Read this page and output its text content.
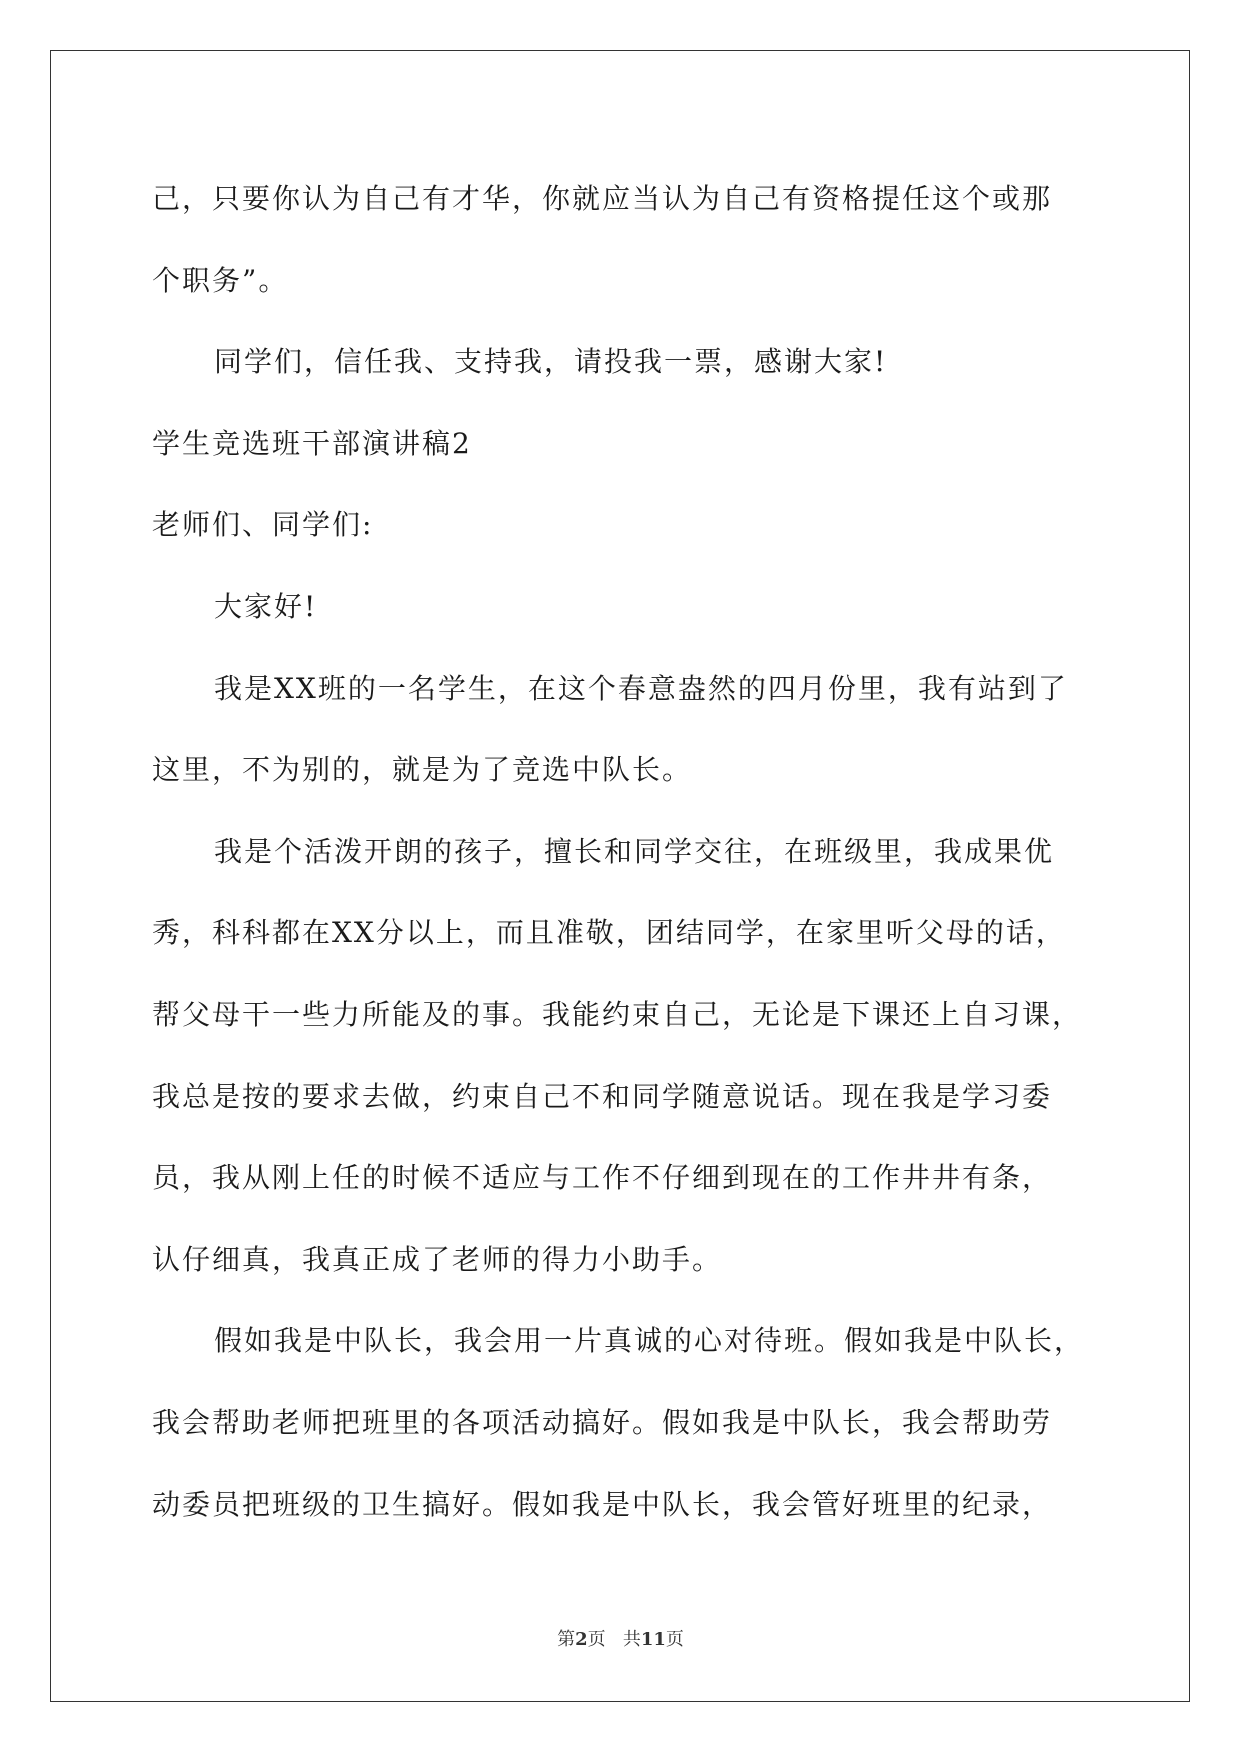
己，只要你认为自己有才华，你就应当认为自己有资格提任这个或那
个职务”。
同学们，信任我、支持我，请投我一票，感谢大家!
学生竞选班干部演讲稿2
老师们、同学们:
大家好!
我是XX班的一名学生，在这个春意盎然的四月份里，我有站到了
这里，不为别的，就是为了竞选中队长。
我是个活泼开朗的孩子，擅长和同学交往，在班级里，我成果优
秀，科科都在XX分以上，而且准敬，团结同学，在家里听父母的话，
帮父母干一些力所能及的事。我能约束自己，无论是下课还上自习课，
我总是按的要求去做，约束自己不和同学随意说话。现在我是学习委
员，我从刚上任的时候不适应与工作不仔细到现在的工作井井有条，
认仔细真，我真正成了老师的得力小助手。
假如我是中队长，我会用一片真诚的心对待班。假如我是中队长，
我会帮助老师把班里的各项活动搞好。假如我是中队长，我会帮助劳
动委员把班级的卫生搞好。假如我是中队长，我会管好班里的纪录，
第2页 共11页
